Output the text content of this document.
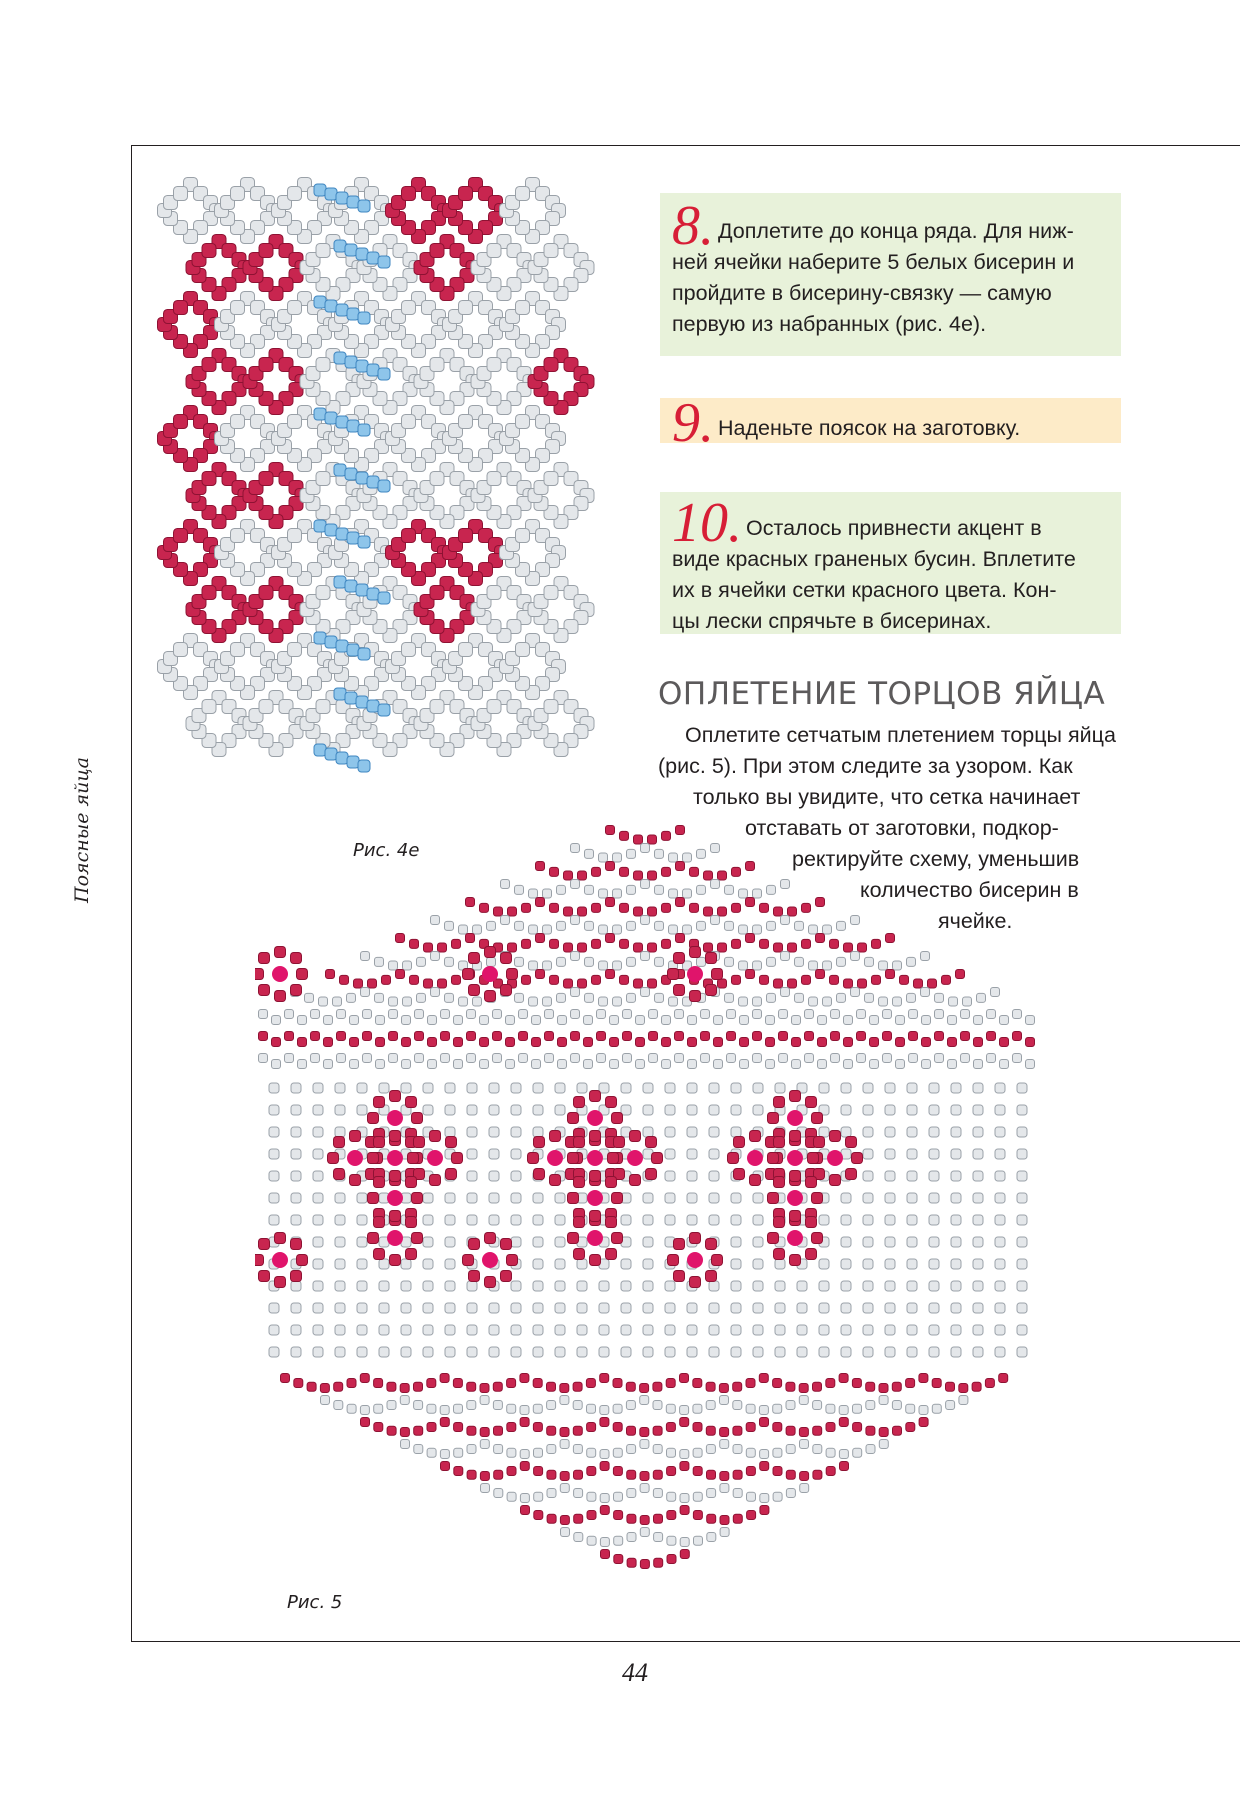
Поясные яйца
8. Доплетите до конца ряда. Для ниж-
ней ячейки наберите 5 белых бисерин и
пройдите в бисерину-связку — самую
первую из набранных (рис. 4е).
9. Наденьте поясок на заготовку.
10. Осталось привнести акцент в
виде красных граненых бусин. Вплетите
их в ячейки сетки красного цвета. Кон-
цы лески спрячьте в бисеринах.
ОПЛЕТЕНИЕ ТОРЦОВ ЯЙЦА
Оплетите сетчатым плетением торцы яйца
(рис. 5). При этом следите за узором. Как
только вы увидите, что сетка начинает
отставать от заготовки, подкор-
ректируйте схему, уменьшив
количество бисерин в
ячейке.
Рис. 4е
Рис. 5
44
